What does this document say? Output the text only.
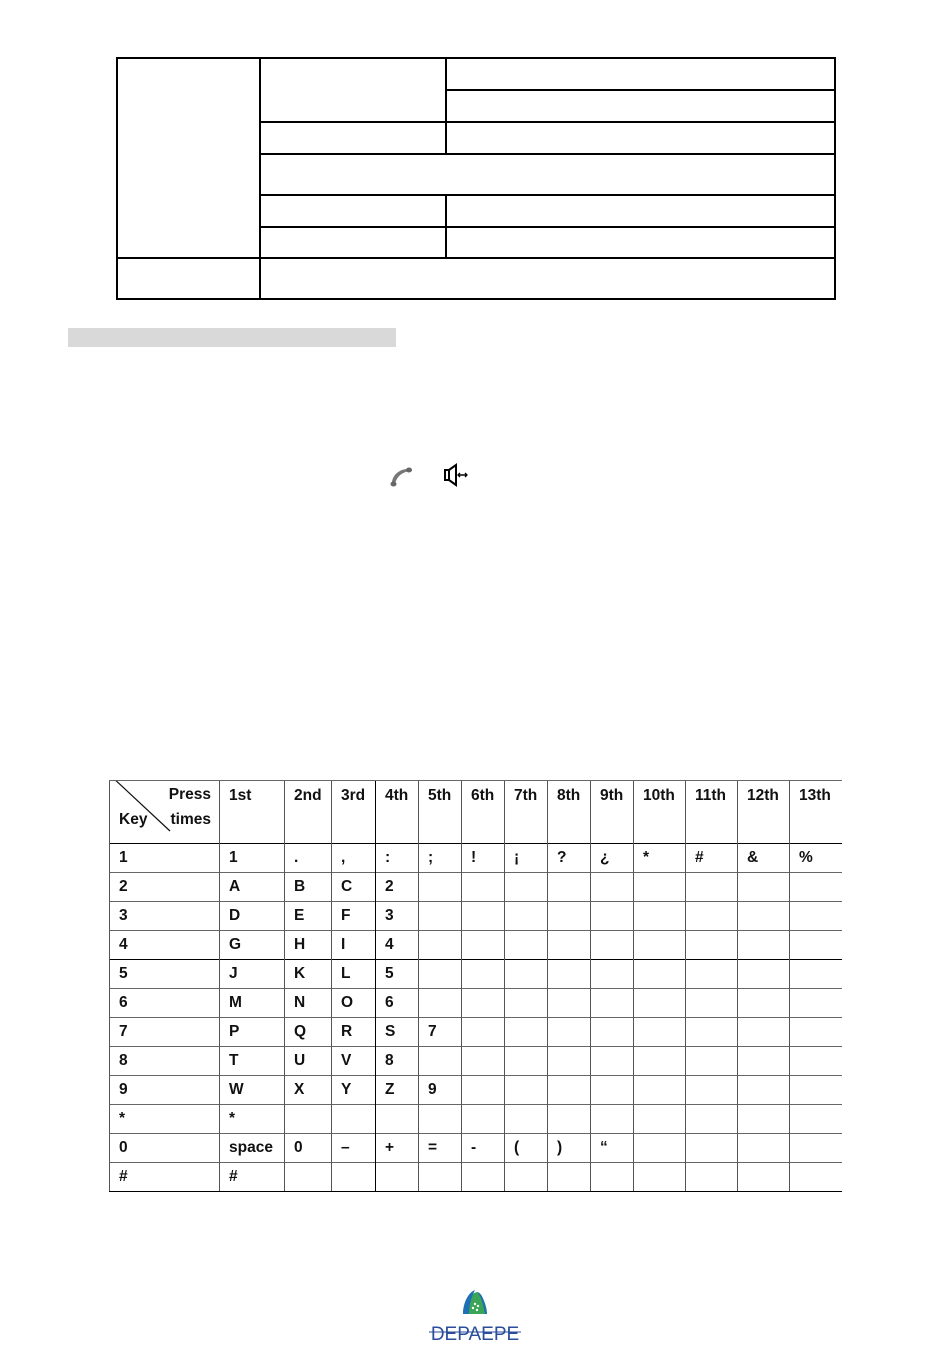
Press
Key times	1st	2nd	3rd	4th	5th	6th	7th	8th	9th	10th	11th	12th	13th
1	1	.	,	:	;	!	¡	?	¿	*	#	&	%
2	A	B	C	2									
3	D	E	F	3									
4	G	H	I	4									
5	J	K	L	5									
6	M	N	O	6									
7	P	Q	R	S	7								
8	T	U	V	8									
9	W	X	Y	Z	9								
*	*												
0	space	0	–	+	=	-	(	)	“				
#	#												
DEPAEPE
